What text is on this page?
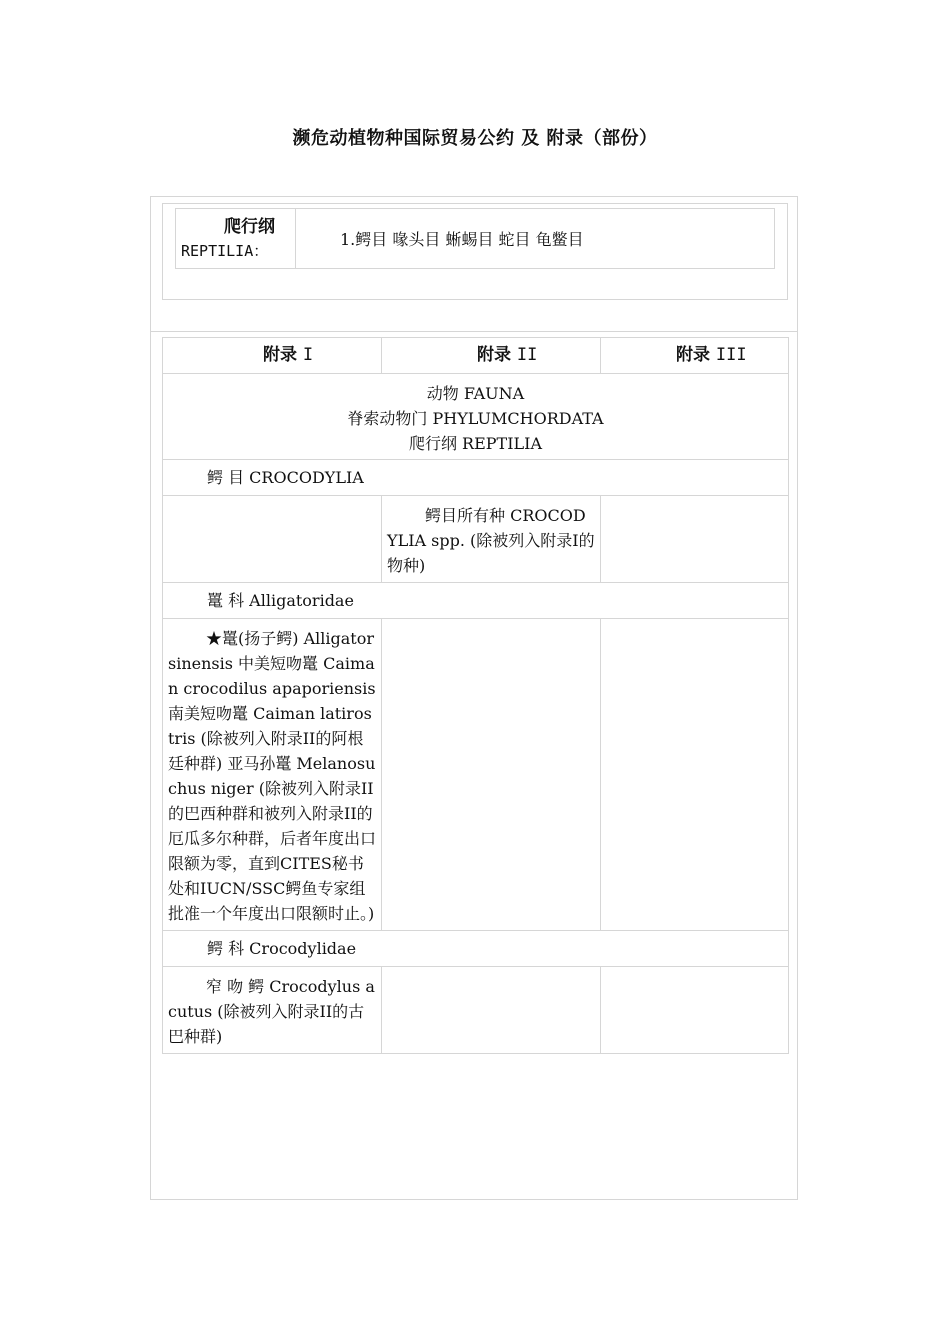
濒危动植物种国际贸易公约 及 附录（部份）
爬行纲
REPTILIA：
	1.鳄目 喙头目 蜥蜴目 蛇目 龟鳖目
附录 I	附录 II	附录 III

动物 FAUNA
脊索动物门 PHYLUMCHORDATA
爬行纲 REPTILIA		

鳄 目 CROCODYLIA		
	鳄目所有种 CROCODYLIA spp. (除被列入附录I的物种)	
鼍 科 Alligatoridae		
★鼍(扬子鳄) Alligator sinensis 中美短吻鼍 Caiman crocodilus apaporiensis 南美短吻鼍 Caiman latirostris (除被列入附录II的阿根廷种群) 亚马孙鼍 Melanosuchus niger (除被列入附录II的巴西种群和被列入附录II的厄瓜多尔种群，后者年度出口限额为零，直到CITES秘书处和IUCN/SSC鳄鱼专家组批准一个年度出口限额时止。)		
鳄 科 Crocodylidae		
窄 吻 鳄 Crocodylus acutus (除被列入附录II的古巴种群)		
